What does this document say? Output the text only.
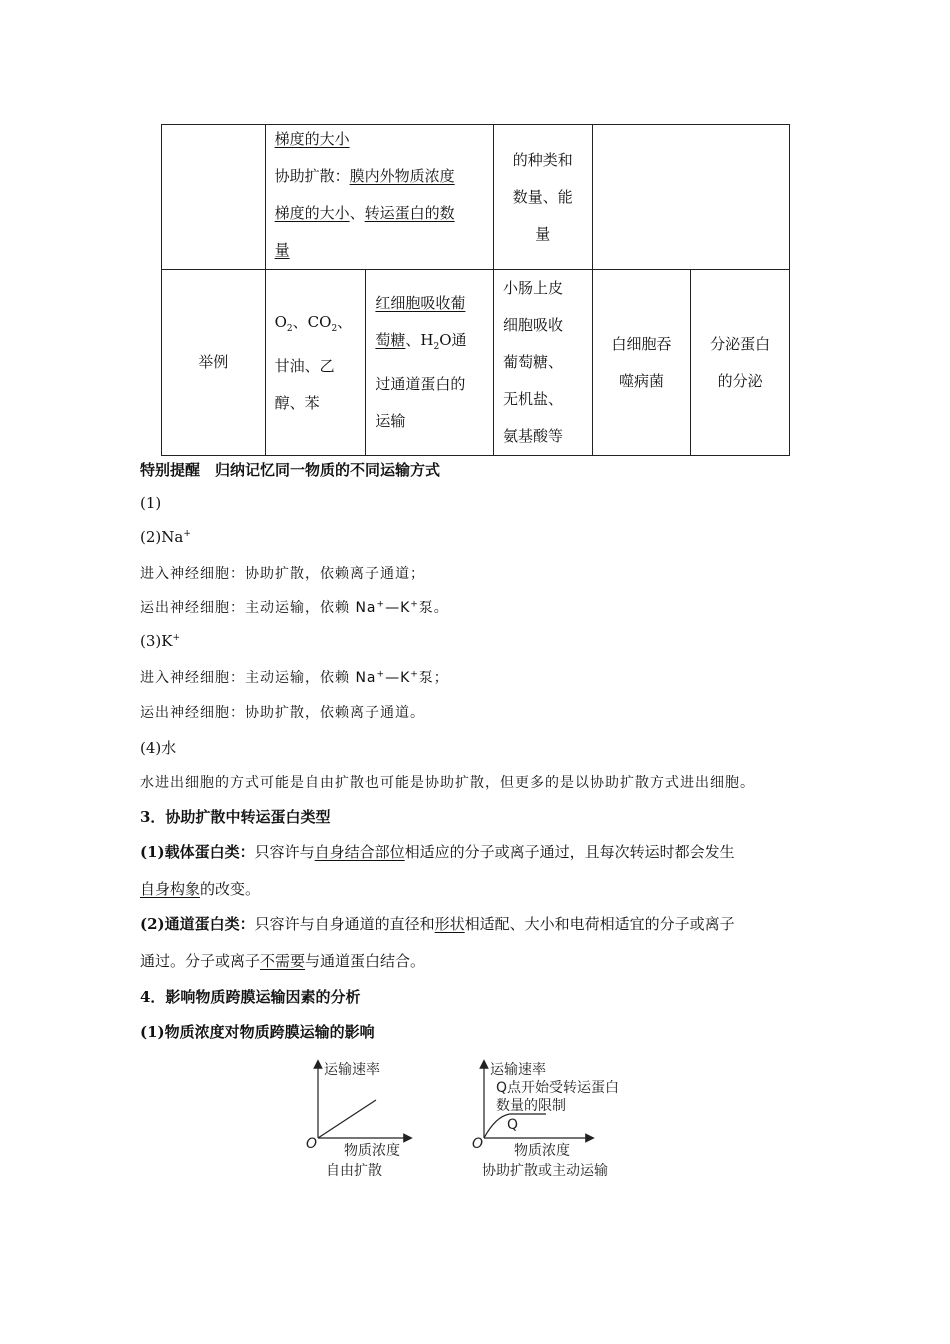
	梯度的大小
协助扩散：膜内外物质浓度
梯度的大小、转运蛋白的数
量		的种类和
数量、能
量		
举例	$O_2$、$CO_2$、
甘油、乙
醇、苯	红细胞吸收葡
萄糖、$H_2O$通
过通道蛋白的
运输	小肠上皮
细胞吸收
葡萄糖、
无机盐、
氨基酸等	白细胞吞
噬病菌	分泌蛋白
的分泌
特别提醒　 归纳记忆同一物质的不同运输方式
(1)
(2)Na+
进入神经细胞：协助扩散，依赖离子通道；
运出神经细胞：主动运输，依赖 Na+—K+泵。
(3)K+
进入神经细胞：主动运输，依赖 Na+—K+泵；
运出神经细胞：协助扩散，依赖离子通道。
(4)水
水进出细胞的方式可能是自由扩散也可能是协助扩散，但更多的是以协助扩散方式进出细胞。
3．协助扩散中转运蛋白类型
(1)载体蛋白类：只容许与自身结合部位相适应的分子或离子通过，且每次转运时都会发生
自身构象的改变。
(2)通道蛋白类：只容许与自身通道的直径和形状相适配、大小和电荷相适宜的分子或离子
通过。分子或离子不需要与通道蛋白结合。
4．影响物质跨膜运输因素的分析
(1)物质浓度对物质跨膜运输的影响
运输速率
O 物质浓度
自由扩散
运输速率
Q点开始受转运蛋白
数量的限制
Q
O 物质浓度
协助扩散或主动运输
